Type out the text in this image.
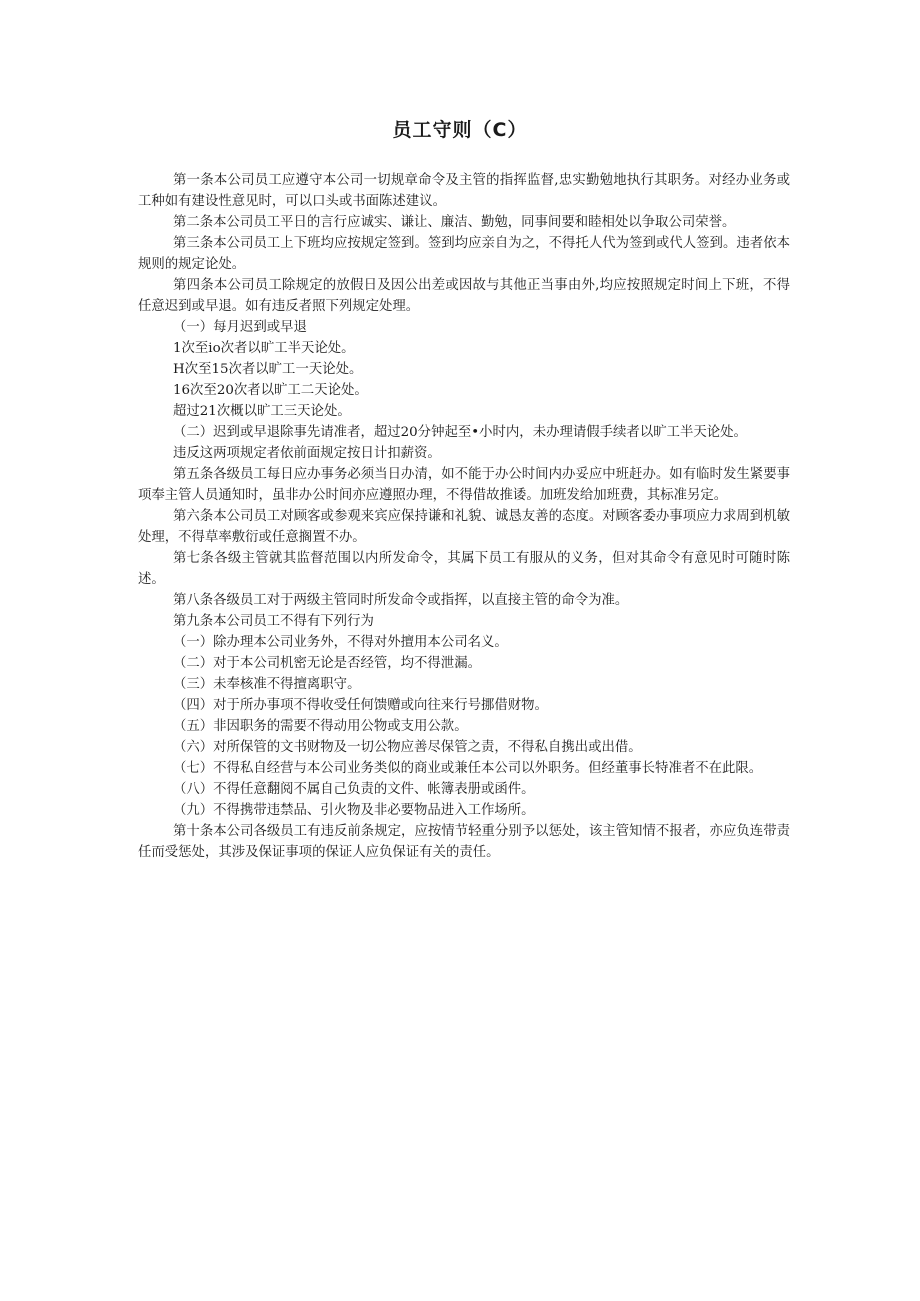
员工守则（C）

第一条本公司员工应遵守本公司一切规章命令及主管的指挥监督,忠实勤勉地执行其职务。对经办业务或工种如有建设性意见时，可以口头或书面陈述建议。

第二条本公司员工平日的言行应诚实、谦让、廉洁、勤勉，同事间要和睦相处以争取公司荣誉。

第三条本公司员工上下班均应按规定签到。签到均应亲自为之，不得托人代为签到或代人签到。违者依本规则的规定论处。

第四条本公司员工除规定的放假日及因公出差或因故与其他正当事由外,均应按照规定时间上下班，不得任意迟到或早退。如有违反者照下列规定处理。

（一）每月迟到或早退

1次至io次者以旷工半天论处。

H次至15次者以旷工一天论处。

16次至20次者以旷工二天论处。

超过21次概以旷工三天论处。

（二）迟到或早退除事先请准者，超过20分钟起至•小时内，未办理请假手续者以旷工半天论处。

违反这两项规定者依前面规定按日计扣薪资。

第五条各级员工每日应办事务必须当日办清，如不能于办公时间内办妥应中班赶办。如有临时发生紧要事项奉主管人员通知时，虽非办公时间亦应遵照办理，不得借故推诿。加班发给加班费，其标准另定。

第六条本公司员工对顾客或参观来宾应保持谦和礼貌、诚恳友善的态度。对顾客委办事项应力求周到机敏处理，不得草率敷衍或任意搁置不办。

第七条各级主管就其监督范围以内所发命令，其属下员工有服从的义务，但对其命令有意见时可随时陈述。

第八条各级员工对于两级主管同时所发命令或指挥，以直接主管的命令为准。

第九条本公司员工不得有下列行为

（一）除办理本公司业务外，不得对外擅用本公司名义。

（二）对于本公司机密无论是否经管，均不得泄漏。

（三）未奉核准不得擅离职守。

（四）对于所办事项不得收受任何馈赠或向往来行号挪借财物。

（五）非因职务的需要不得动用公物或支用公款。

（六）对所保管的文书财物及一切公物应善尽保管之责，不得私自携出或出借。

（七）不得私自经营与本公司业务类似的商业或兼任本公司以外职务。但经董事长特准者不在此限。

（八）不得任意翻阅不属自己负责的文件、帐簿表册或函件。

（九）不得携带违禁品、引火物及非必要物品进入工作场所。

第十条本公司各级员工有违反前条规定，应按情节轻重分别予以惩处，该主管知情不报者，亦应负连带责任而受惩处，其涉及保证事项的保证人应负保证有关的责任。
